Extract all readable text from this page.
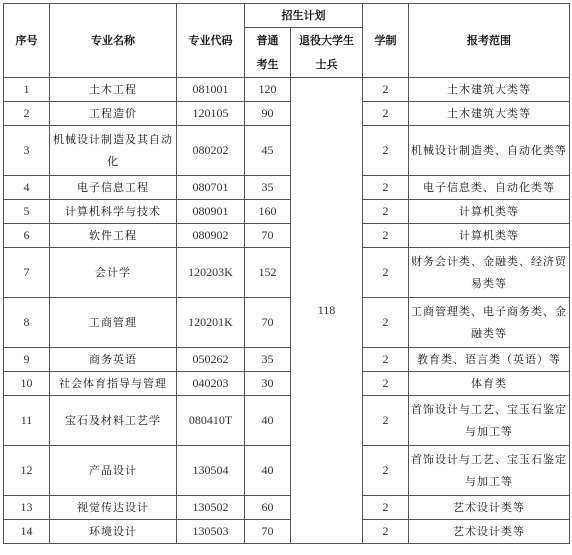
序号	专业名称	专业代码	招生计划		学制	报考范围
			普通考生	退役大学生士兵		
1	土木工程	081001	120	118	2	土木建筑大类等
2	工程造价	120105	90		2	土木建筑大类等
3	机械设计制造及其自动化	080202	45		2	机械设计制造类、自动化类等
4	电子信息工程	080701	35		2	电子信息类、自动化类等
5	计算机科学与技术	080901	160		2	计算机类等
6	软件工程	080902	70		2	计算机类等
7	会计学	120203K	152		2	财务会计类、金融类、经济贸易类等
8	工商管理	120201K	70		2	工商管理类、电子商务类、金融类等
9	商务英语	050262	35		2	教育类、语言类（英语）等
10	社会体育指导与管理	040203	30		2	体育类
11	宝石及材料工艺学	080410T	40		2	首饰设计与工艺、宝玉石鉴定与加工等
12	产品设计	130504	40		2	首饰设计与工艺、宝玉石鉴定与加工等
13	视觉传达设计	130502	60		2	艺术设计类等
14	环境设计	130503	70		2	艺术设计类等
